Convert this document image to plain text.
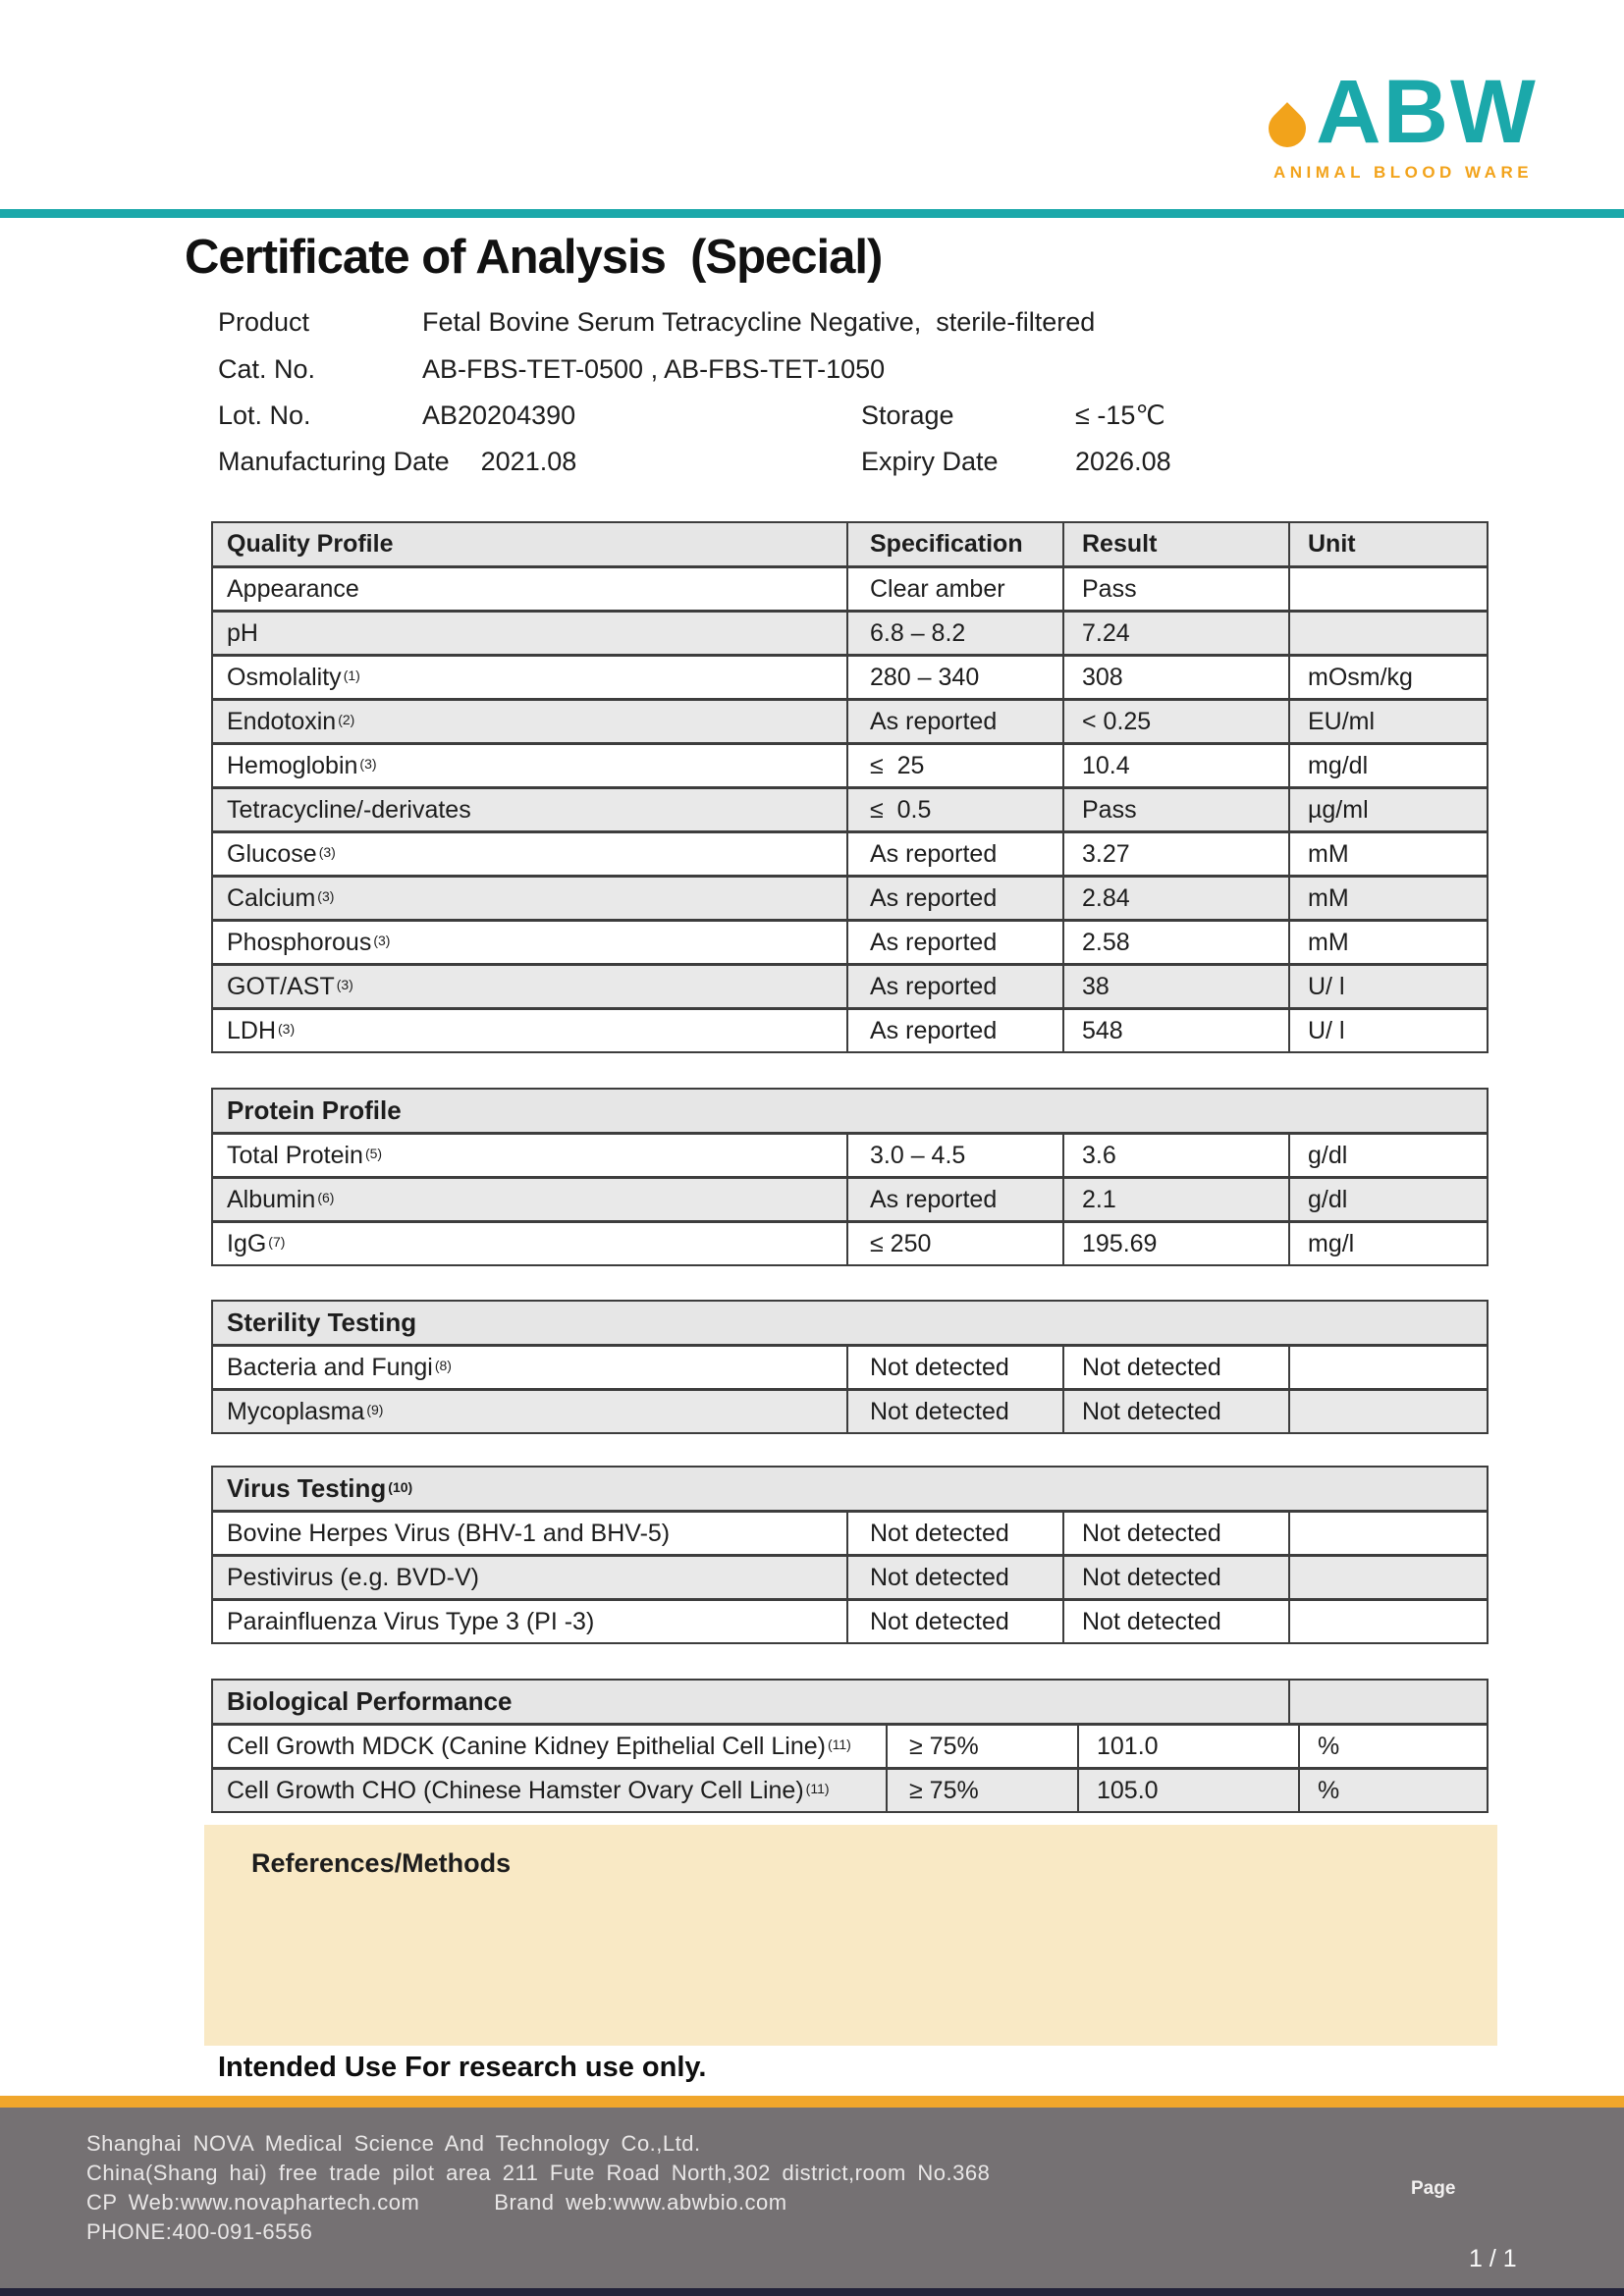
ABW
ANIMAL BLOOD WARE
Certificate of Analysis  (Special)
Product	Fetal Bovine Serum Tetracycline Negative,  sterile-filtered
Cat. No.	AB-FBS-TET-0500 , AB-FBS-TET-1050
Lot. No.	AB20204390	Storage	≤ -15℃
Manufacturing Date 2021.08	Expiry Date	2026.08
Quality Profile	Specification	Result	Unit
Appearance	Clear amber	Pass
pH	6.8 – 8.2	7.24
Osmolality (1)	280 – 340	308	mOsm/kg
Endotoxin (2)	As reported	< 0.25	EU/ml
Hemoglobin (3)	≤  25	10.4	mg/dl
Tetracycline/-derivates	≤  0.5	Pass	µg/ml
Glucose (3)	As reported	3.27	mM
Calcium (3)	As reported	2.84	mM
Phosphorous (3)	As reported	2.58	mM
GOT/AST (3)	As reported	38	U/ l
LDH (3)	As reported	548	U/ l
Protein Profile
Total Protein (5)	3.0 – 4.5	3.6	g/dl
Albumin (6)	As reported	2.1	g/dl
IgG (7)	≤ 250	195.69	mg/l
Sterility Testing
Bacteria and Fungi (8)	Not detected	Not detected
Mycoplasma (9)	Not detected	Not detected
Virus Testing (10)
Bovine Herpes Virus (BHV-1 and BHV-5)	Not detected	Not detected
Pestivirus (e.g. BVD-V)	Not detected	Not detected
Parainfluenza Virus Type 3 (PI -3)	Not detected	Not detected
Biological Performance
Cell Growth MDCK (Canine Kidney Epithelial Cell Line) (11)	≥ 75%	101.0	%
Cell Growth CHO (Chinese Hamster Ovary Cell Line) (11)	≥ 75%	105.0	%
References/Methods
Intended Use For research use only.
Shanghai NOVA Medical Science And Technology Co.,Ltd.
China(Shang hai) free trade pilot area 211 Fute Road North,302 district,room No.368
CP Web:www.novaphartech.com	Brand web:www.abwbio.com
PHONE:400-091-6556
Page
1 / 1
